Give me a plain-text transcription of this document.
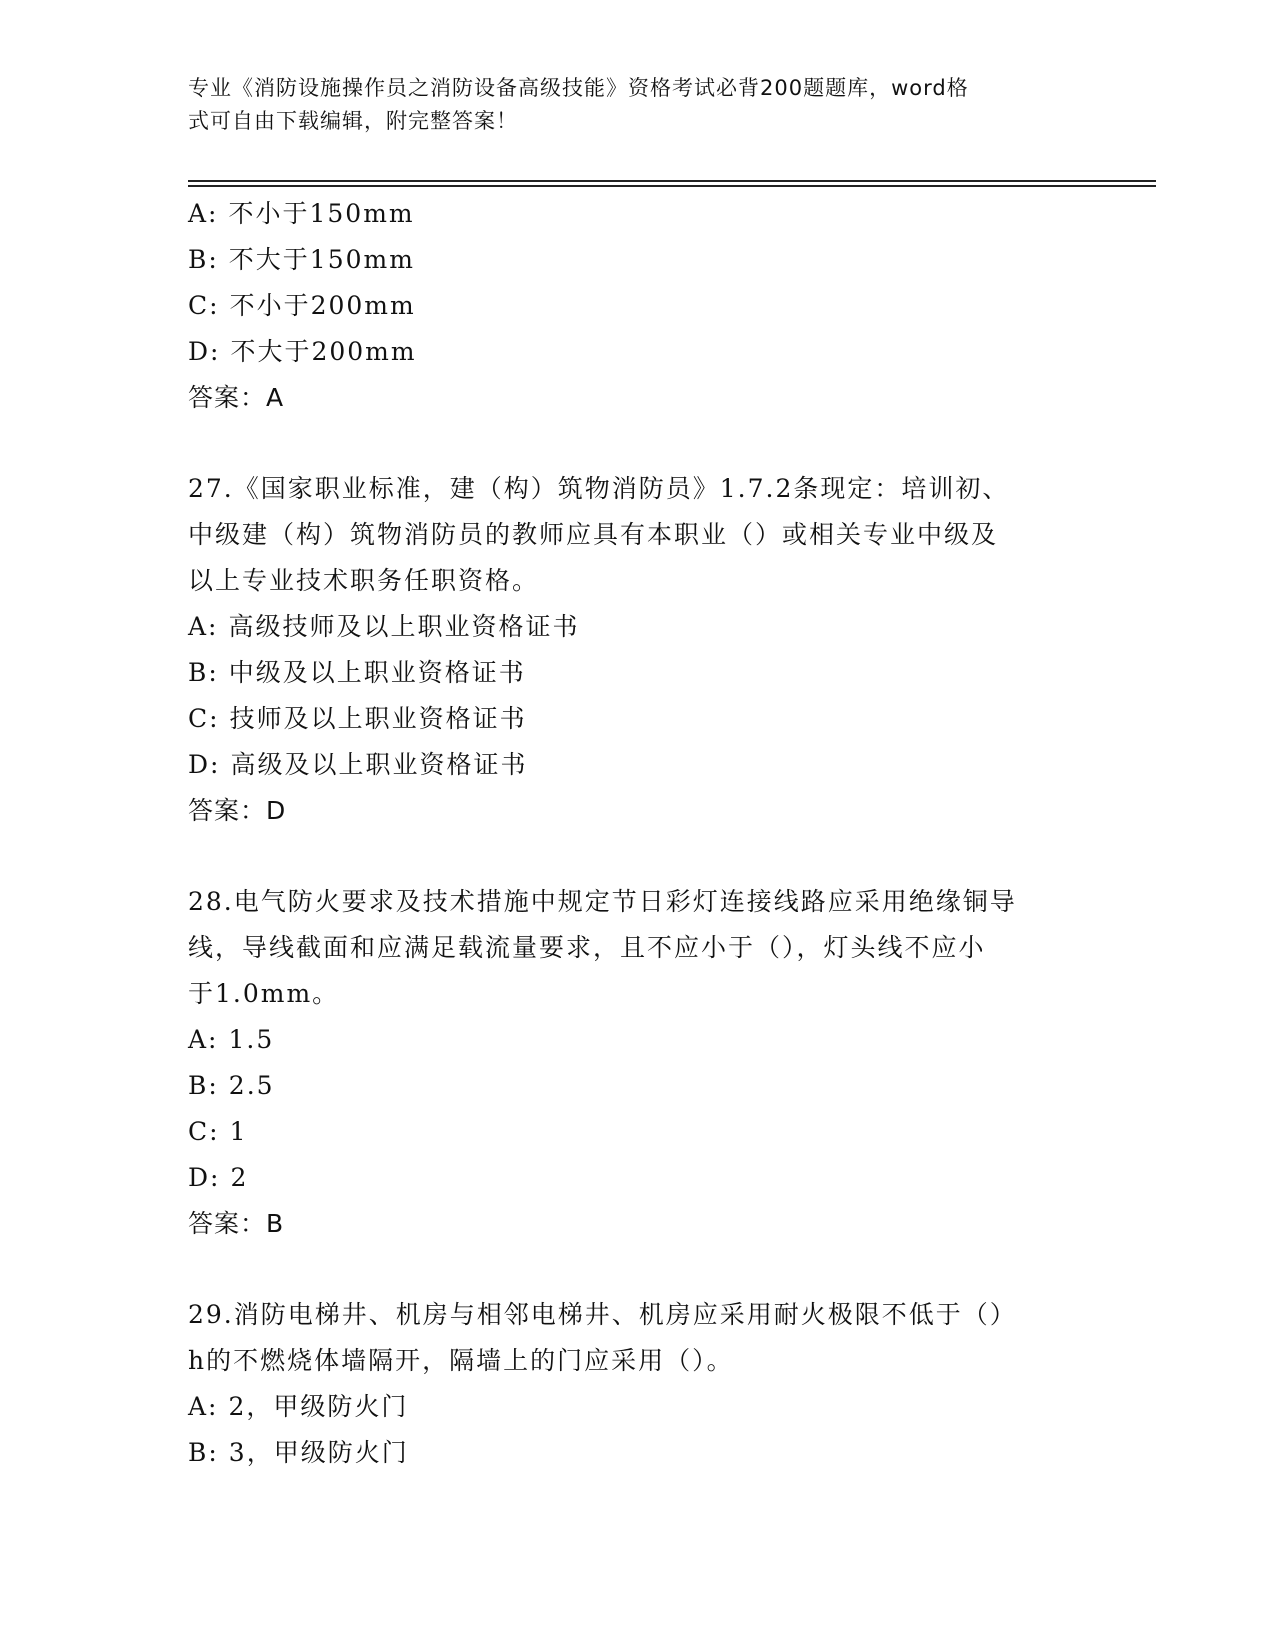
专业《消防设施操作员之消防设备高级技能》资格考试必背200题题库，word格
式可自由下载编辑，附完整答案！
A: 不小于150mm
B: 不大于150mm
C: 不小于200mm
D: 不大于200mm
答案：A
27.《国家职业标准，建（构）筑物消防员》1.7.2条现定：培训初、
中级建（构）筑物消防员的教师应具有本职业（）或相关专业中级及
以上专业技术职务任职资格。
A: 高级技师及以上职业资格证书
B: 中级及以上职业资格证书
C: 技师及以上职业资格证书
D: 高级及以上职业资格证书
答案：D
28.电气防火要求及技术措施中规定节日彩灯连接线路应采用绝缘铜导
线，导线截面和应满足载流量要求，且不应小于（），灯头线不应小
于1.0mm。
A: 1.5
B: 2.5
C: 1
D: 2
答案：B
29.消防电梯井、机房与相邻电梯井、机房应采用耐火极限不低于（）
h的不燃烧体墙隔开，隔墙上的门应采用（）。
A: 2，甲级防火门
B: 3，甲级防火门
